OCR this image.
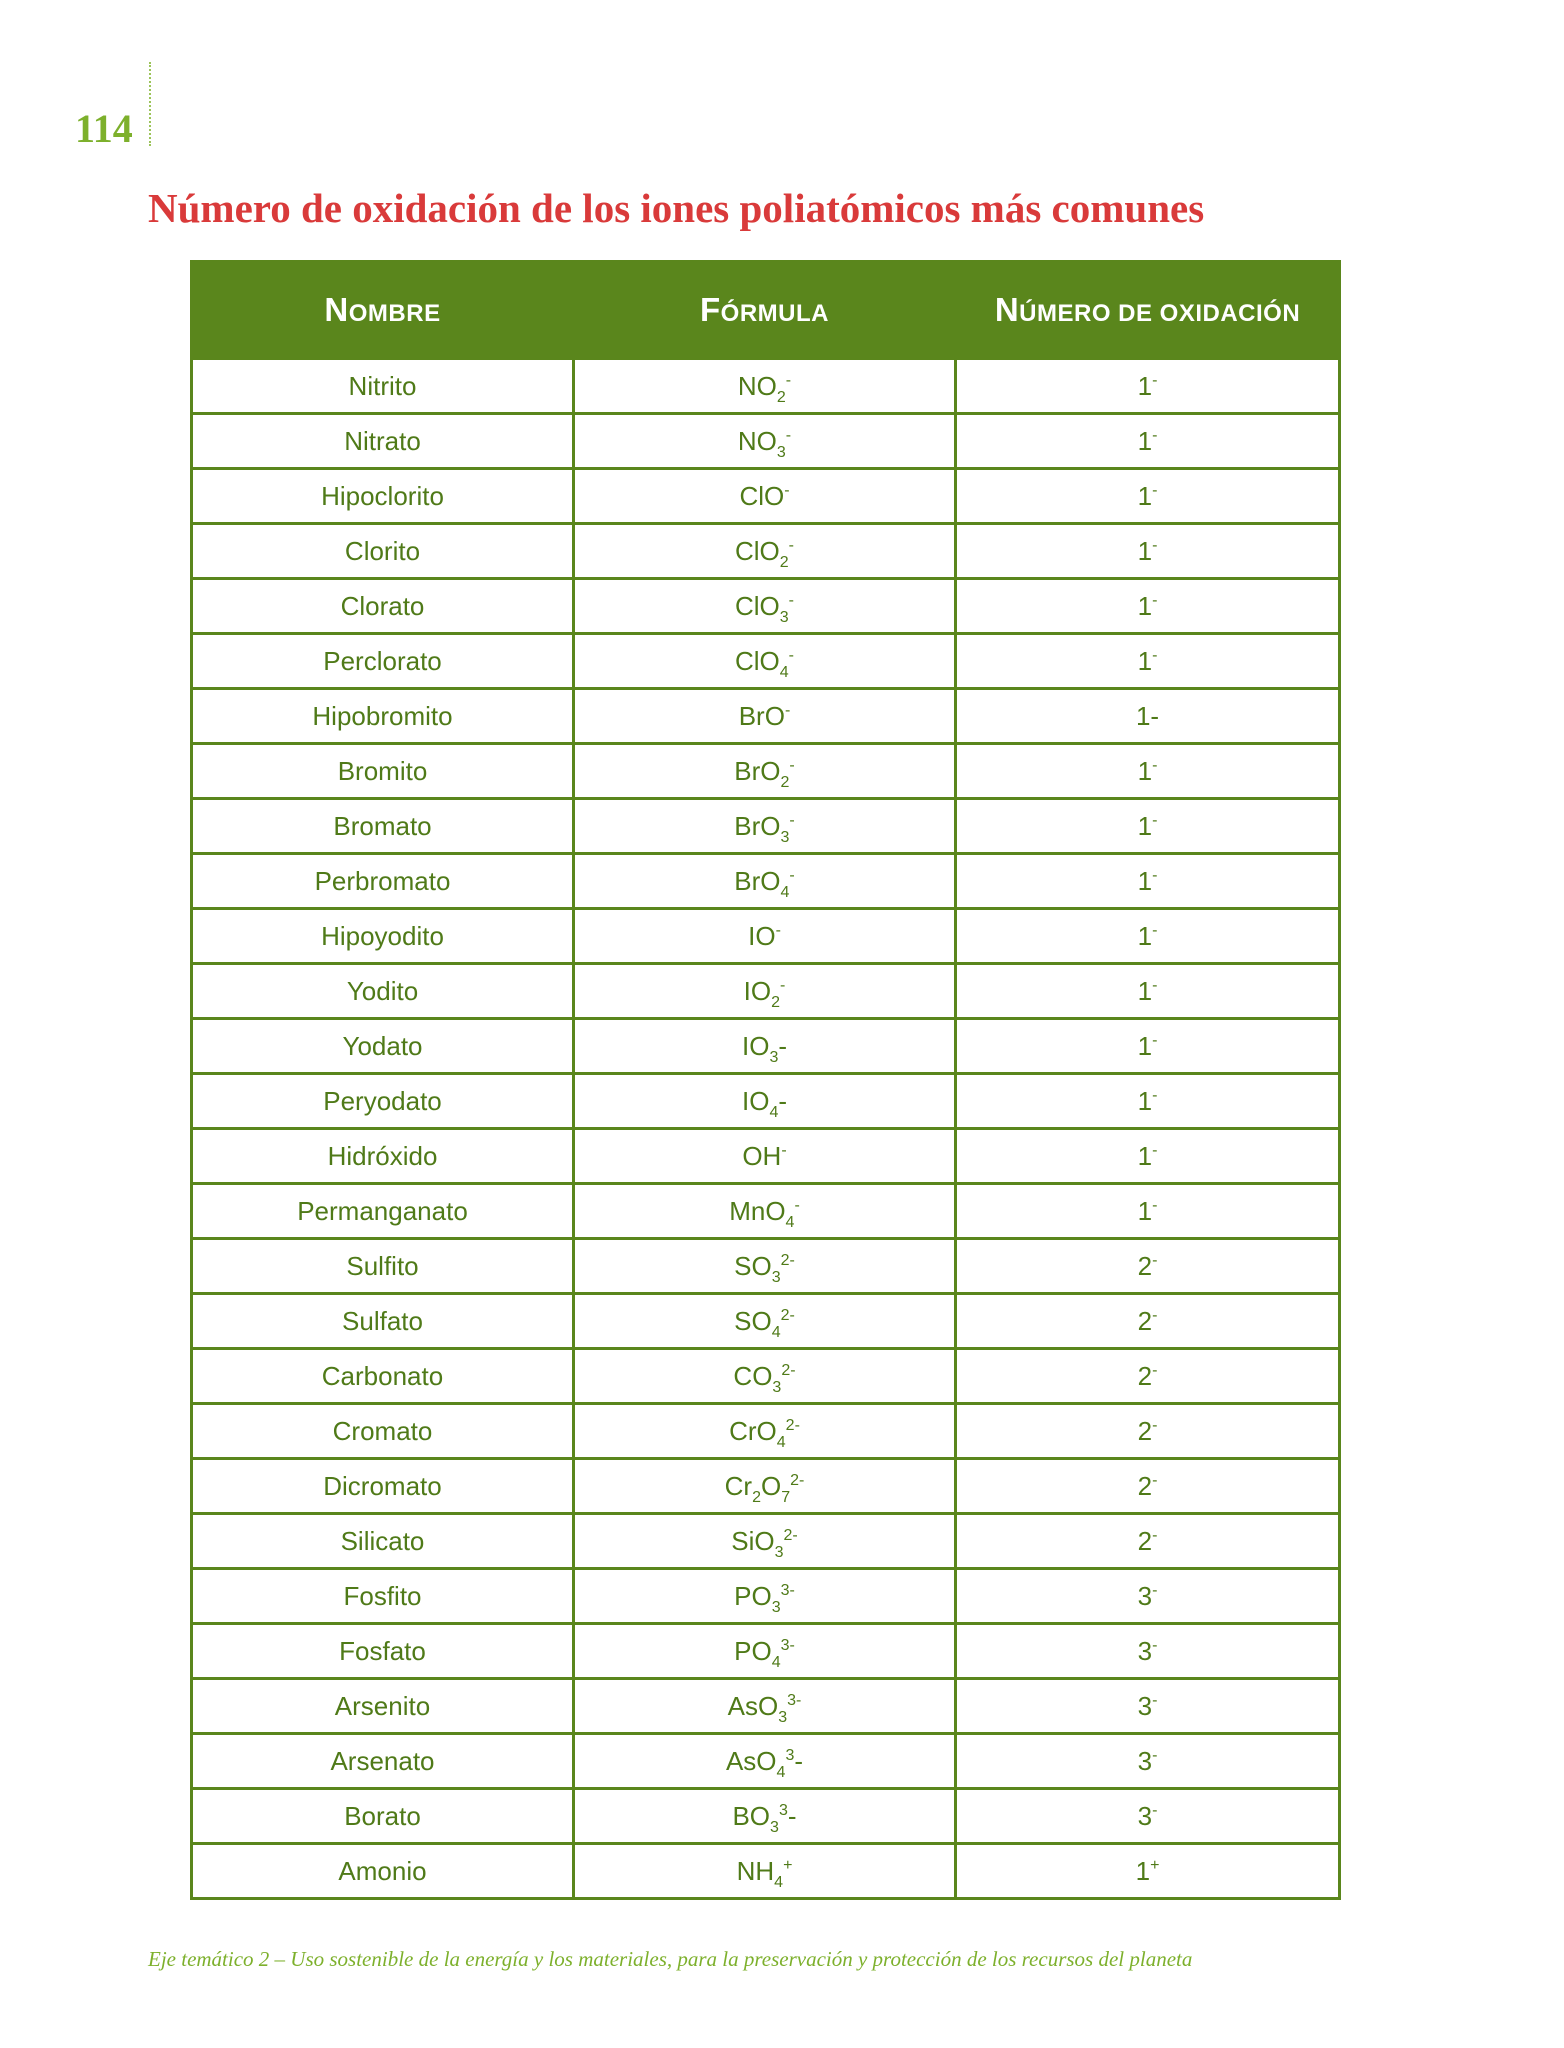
114
Número de oxidación de los iones poliatómicos más comunes
NOMBRE	FÓRMULA	NÚMERO DE OXIDACIÓN
Nitrito	$NO_2^-$	1-
Nitrato	$NO_3^-$	1-
Hipoclorito	ClO-	1-
Clorito	ClO$_2$-	1-
Clorato	ClO$_3$-	1-
Perclorato	ClO$_4$-	1-
Hipobromito	BrO-	1-
Bromito	BrO$_2$-	1-
Bromato	BrO$_3$-	1-
Perbromato	BrO$_4$-	1-
Hipoyodito	IO-	1-
Yodito	$IO_2^-$	1-
Yodato	$IO_3-$	1-
Peryodato	$IO_4-$	1-
Hidróxido	OH-	1-
Permanganato	MnO$_4$-	1-
Sulfito	$SO_3^{2-}$	2-
Sulfato	$SO_4^{2-}$	2-
Carbonato	$CO_3^{2-}$	2-
Cromato	CrO$_4^{2-}$	2-
Dicromato	$Cr_2O_7^{2-}$	2-
Silicato	SiO$_3^{2-}$	2-
Fosfito	$PO_3^{3-}$	3-
Fosfato	$PO_4^{3-}$	3-
Arsenito	AsO$_3^{3-}$	3-
Arsenato	AsO$_4^3$-	3-
Borato	$BO_3^3-$	3-
Amonio	$NH_4^+$	1+

Eje temático 2 – Uso sostenible de la energía y los materiales, para la preservación y protección de los recursos del planeta
